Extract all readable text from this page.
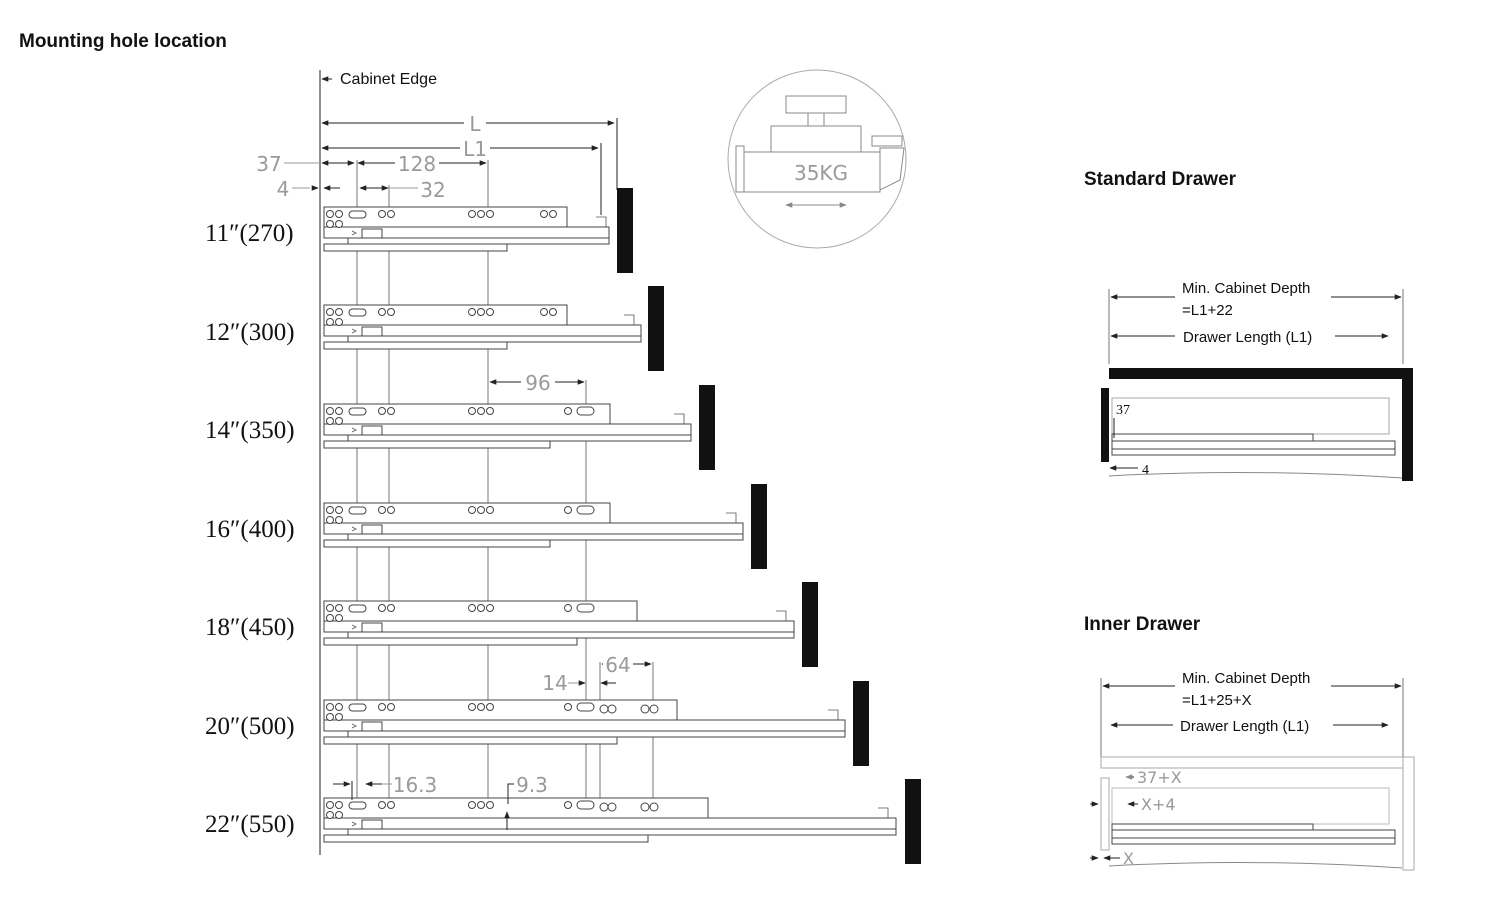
Mounting hole location
Cabinet Edge
L
L1
37	128
4	32
11″(270)
12″(300)
14″(350)
16″(400)
18″(450)
20″(500)
22″(550)
96
14
64
16.3	9.3
35KG	Standard Drawer
Min. Cabinet Depth
=L1+22
Drawer Length (L1)
37
4
Inner Drawer
Min. Cabinet Depth
=L1+25+X
Drawer Length (L1)
37+X
X+4
X
